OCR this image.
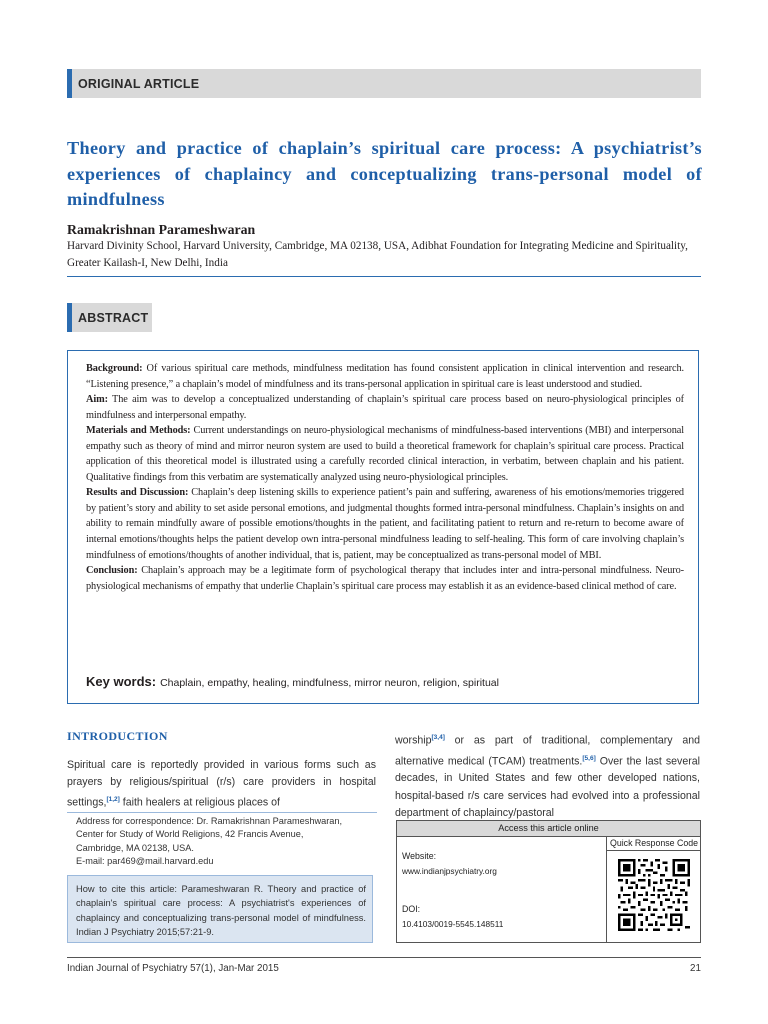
ORIGINAL ARTICLE
Theory and practice of chaplain’s spiritual care process: A psychiatrist’s experiences of chaplaincy and conceptualizing trans-personal model of mindfulness
Ramakrishnan Parameshwaran
Harvard Divinity School, Harvard University, Cambridge, MA 02138, USA, Adibhat Foundation for Integrating Medicine and Spirituality, Greater Kailash-I, New Delhi, India
ABSTRACT

Background: Of various spiritual care methods, mindfulness meditation has found consistent application in clinical intervention and research. “Listening presence,” a chaplain’s model of mindfulness and its trans-personal application in spiritual care is least understood and studied.

Aim: The aim was to develop a conceptualized understanding of chaplain’s spiritual care process based on neuro-physiological principles of mindfulness and interpersonal empathy.

Materials and Methods: Current understandings on neuro-physiological mechanisms of mindfulness-based interventions (MBI) and interpersonal empathy such as theory of mind and mirror neuron system are used to build a theoretical framework for chaplain’s spiritual care process. Practical application of this theoretical model is illustrated using a carefully recorded clinical interaction, in verbatim, between chaplain and his patient. Qualitative findings from this verbatim are systematically analyzed using neuro-physiological principles.

Results and Discussion: Chaplain’s deep listening skills to experience patient’s pain and suffering, awareness of his emotions/memories triggered by patient’s story and ability to set aside personal emotions, and judgmental thoughts formed intra-personal mindfulness. Chaplain’s insights on and ability to remain mindfully aware of possible emotions/thoughts in the patient, and facilitating patient to return and re-return to become aware of internal emotions/thoughts helps the patient develop own intra-personal mindfulness leading to self-healing. This form of care involving chaplain’s mindfulness of emotions/thoughts of another individual, that is, patient, may be conceptualized as trans-personal model of MBI.

Conclusion: Chaplain’s approach may be a legitimate form of psychological therapy that includes inter and intra-personal mindfulness. Neuro-physiological mechanisms of empathy that underlie Chaplain’s spiritual care process may establish it as an evidence-based clinical method of care.

Key words: Chaplain, empathy, healing, mindfulness, mirror neuron, religion, spiritual
INTRODUCTION
Spiritual care is reportedly provided in various forms such as prayers by religious/spiritual (r/s) care providers in hospital settings,[1,2] faith healers at religious places of
worship[3,4] or as part of traditional, complementary and alternative medical (TCAM) treatments.[5,6] Over the last several decades, in United States and few other developed nations, hospital-based r/s care services had evolved into a professional department of chaplaincy/pastoral
Address for correspondence: Dr. Ramakrishnan Parameshwaran,
Center for Study of World Religions, 42 Francis Avenue,
Cambridge, MA 02138, USA.
E-mail: par469@mail.harvard.edu
How to cite this article: Parameshwaran R. Theory and practice of chaplain's spiritual care process: A psychiatrist's experiences of chaplaincy and conceptualizing trans-personal model of mindfulness. Indian J Psychiatry 2015;57:21-9.
Access this article online
Quick Response Code
Website:
www.indianjpsychiatry.org
DOI:
10.4103/0019-5545.148511
Indian Journal of Psychiatry 57(1), Jan-Mar 2015	21
